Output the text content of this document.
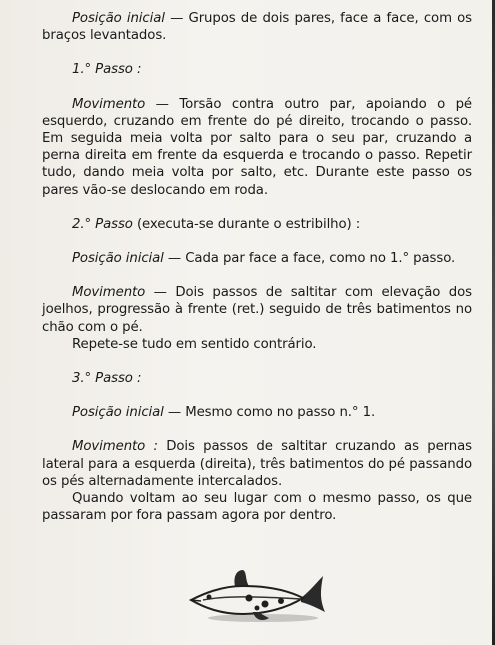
Posição inicial — Grupos de dois pares, face a face, com os braços levantados.

1.° Passo :

Movimento — Torsão contra outro par, apoiando o pé esquerdo, cruzando em frente do pé direito, trocando o passo. Em seguida meia volta por salto para o seu par, cruzando a perna direita em frente da esquerda e trocando o passo. Repetir tudo, dando meia volta por salto, etc. Durante este passo os pares vão-se deslocando em roda.

2.° Passo (executa-se durante o estribilho) :

Posição inicial — Cada par face a face, como no 1.° passo.

Movimento — Dois passos de saltitar com elevação dos joelhos, progressão à frente (ret.) seguido de três batimentos no chão com o pé.

Repete-se tudo em sentido contrário.

3.° Passo :

Posição inicial — Mesmo como no passo n.° 1.

Movimento : Dois passos de saltitar cruzando as pernas lateral para a esquerda (direita), três batimentos do pé passando os pés alternadamente intercalados.

Quando voltam ao seu lugar com o mesmo passo, os que passaram por fora passam agora por dentro.
